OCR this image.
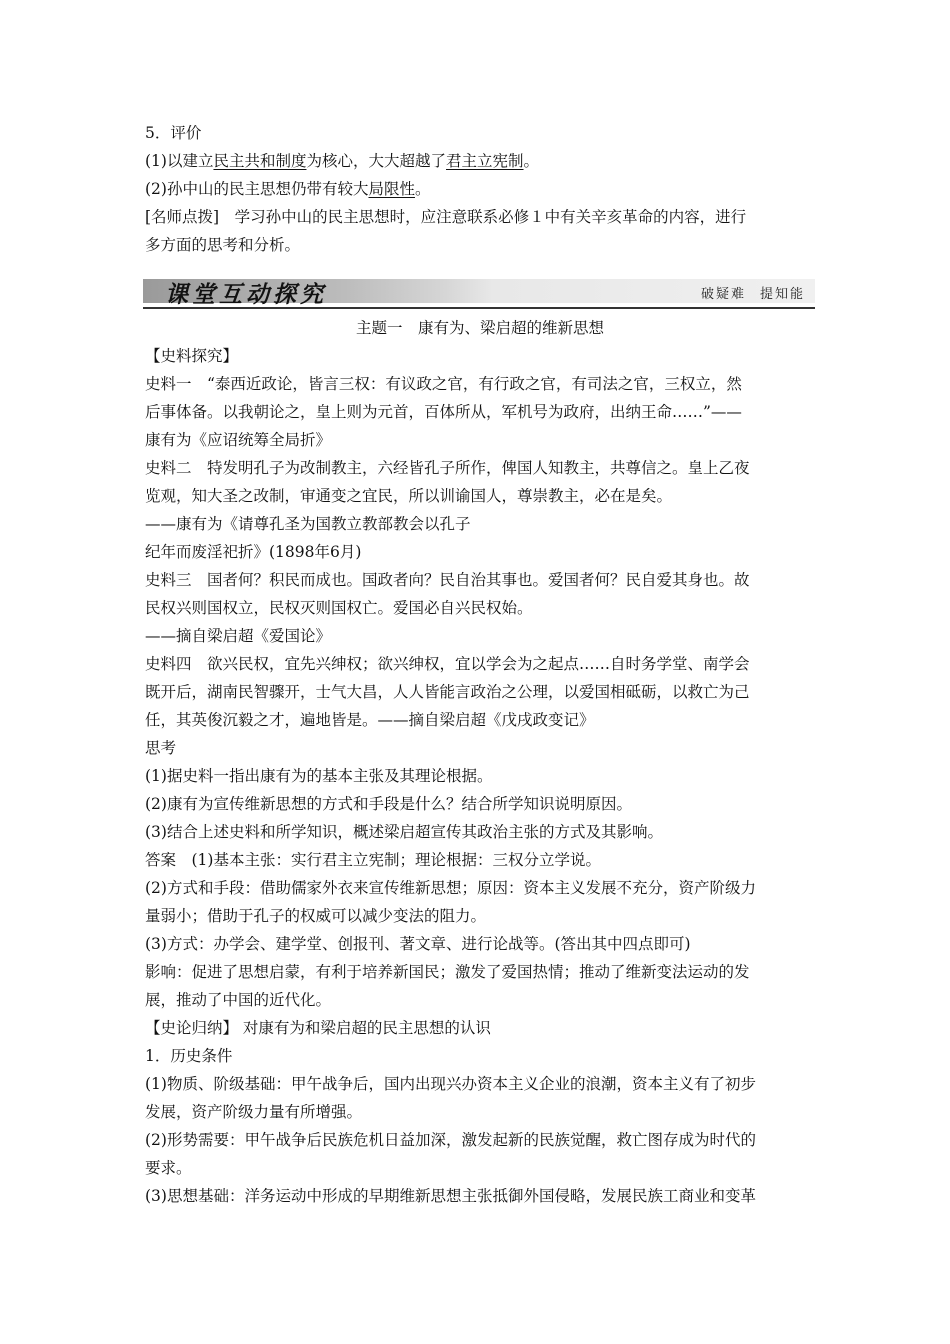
5．评价
(1)以建立民主共和制度为核心，大大超越了君主立宪制。
(2)孙中山的民主思想仍带有较大局限性。
[名师点拨]　学习孙中山的民主思想时，应注意联系必修１中有关辛亥革命的内容，进行
多方面的思考和分析。
课堂互动探究	破疑难 提知能
主题一　康有为、梁启超的维新思想
【史料探究】
史料一　“泰西近政论，皆言三权：有议政之官，有行政之官，有司法之官，三权立，然
后事体备。以我朝论之，皇上则为元首，百体所从，军机号为政府，出纳王命……”——
康有为《应诏统筹全局折》
史料二　特发明孔子为改制教主，六经皆孔子所作，俾国人知教主，共尊信之。皇上乙夜
览观，知大圣之改制，审通变之宜民，所以训谕国人，尊崇教主，必在是矣。
——康有为《请尊孔圣为国教立教部教会以孔子
纪年而废淫祀折》(1898年6月)
史料三　国者何？积民而成也。国政者向？民自治其事也。爱国者何？民自爱其身也。故
民权兴则国权立，民权灭则国权亡。爱国必自兴民权始。
——摘自梁启超《爱国论》
史料四　欲兴民权，宜先兴绅权；欲兴绅权，宜以学会为之起点……自时务学堂、南学会
既开后，湖南民智骤开，士气大昌，人人皆能言政治之公理，以爱国相砥砺，以救亡为己
任，其英俊沉毅之才，遍地皆是。——摘自梁启超《戊戌政变记》
思考
(1)据史料一指出康有为的基本主张及其理论根据。
(2)康有为宣传维新思想的方式和手段是什么？结合所学知识说明原因。
(3)结合上述史料和所学知识，概述梁启超宣传其政治主张的方式及其影响。
答案　(1)基本主张：实行君主立宪制；理论根据：三权分立学说。
(2)方式和手段：借助儒家外衣来宣传维新思想；原因：资本主义发展不充分，资产阶级力
量弱小；借助于孔子的权威可以减少变法的阻力。
(3)方式：办学会、建学堂、创报刊、著文章、进行论战等。(答出其中四点即可)
影响：促进了思想启蒙，有利于培养新国民；激发了爱国热情；推动了维新变法运动的发
展，推动了中国的近代化。
【史论归纳】 对康有为和梁启超的民主思想的认识
1．历史条件
(1)物质、阶级基础：甲午战争后，国内出现兴办资本主义企业的浪潮，资本主义有了初步
发展，资产阶级力量有所增强。
(2)形势需要：甲午战争后民族危机日益加深，激发起新的民族觉醒，救亡图存成为时代的
要求。
(3)思想基础：洋务运动中形成的早期维新思想主张抵御外国侵略，发展民族工商业和变革
